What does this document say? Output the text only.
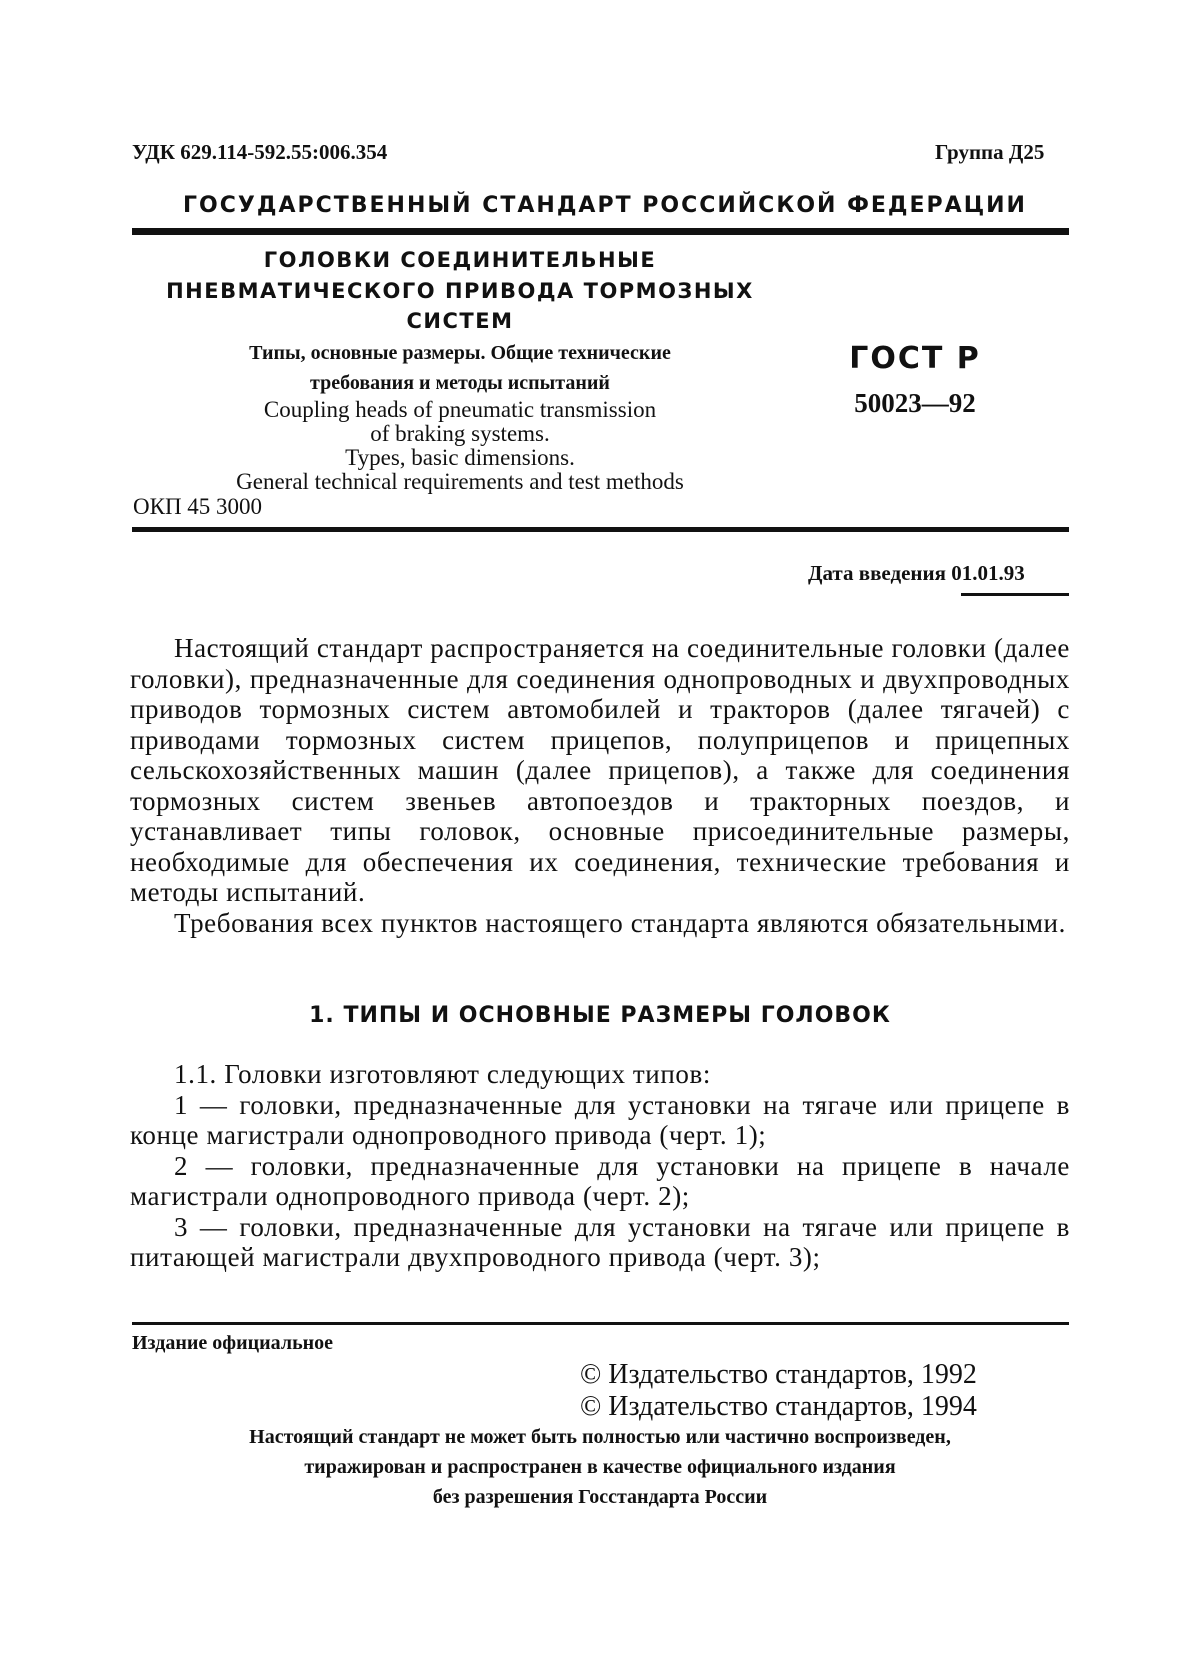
УДК 629.114-592.55:006.354	Группа Д25
ГОСУДАРСТВЕННЫЙ СТАНДАРТ РОССИЙСКОЙ ФЕДЕРАЦИИ
ГОЛОВКИ СОЕДИНИТЕЛЬНЫЕ
ПНЕВМАТИЧЕСКОГО ПРИВОДА ТОРМОЗНЫХ
СИСТЕМ
Типы, основные размеры. Общие технические
требования и методы испытаний
Coupling heads of pneumatic transmission
of braking systems.
Types, basic dimensions.
General technical requirements and test methods
ОКП 45 3000
ГОСТ Р
50023—92
Дата введения 01.01.93

Настоящий стандарт распространяется на соединительные головки (далее головки), предназначенные для соединения однопроводных и двухпроводных приводов тормозных систем автомобилей и тракторов (далее тягачей) с приводами тормозных систем прицепов, полуприцепов и прицепных сельскохозяйственных машин (далее прицепов), а также для соединения тормозных систем звеньев автопоездов и тракторных поездов, и устанавливает типы головок, основные присоединительные размеры, необходимые для обеспечения их соединения, технические требования и методы испытаний.

Требования всех пунктов настоящего стандарта являются обязательными.

1. ТИПЫ И ОСНОВНЫЕ РАЗМЕРЫ ГОЛОВОК

1.1. Головки изготовляют следующих типов:

1 — головки, предназначенные для установки на тягаче или прицепе в конце магистрали однопроводного привода (черт. 1);

2 — головки, предназначенные для установки на прицепе в начале магистрали однопроводного привода (черт. 2);

3 — головки, предназначенные для установки на тягаче или прицепе в питающей магистрали двухпроводного привода (черт. 3);

Издание официальное
© Издательство стандартов, 1992
© Издательство стандартов, 1994
Настоящий стандарт не может быть полностью или частично воспроизведен,
тиражирован и распространен в качестве официального издания
без разрешения Госстандарта России
